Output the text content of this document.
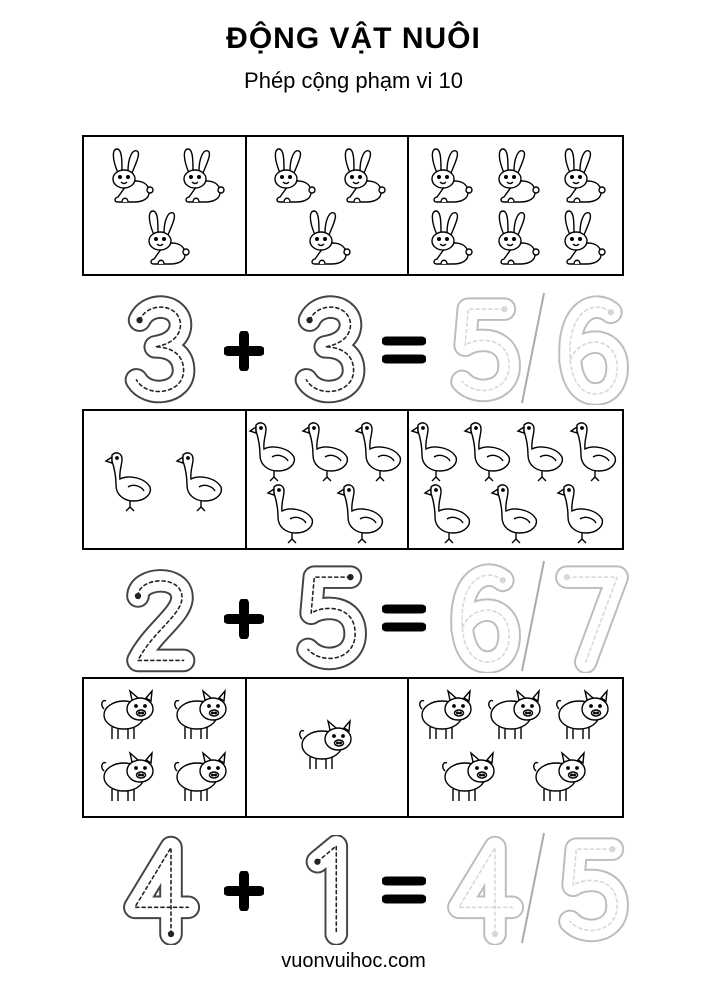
ĐỘNG VẬT NUÔI
Phép cộng phạm vi 10
vuonvuihoc.com
